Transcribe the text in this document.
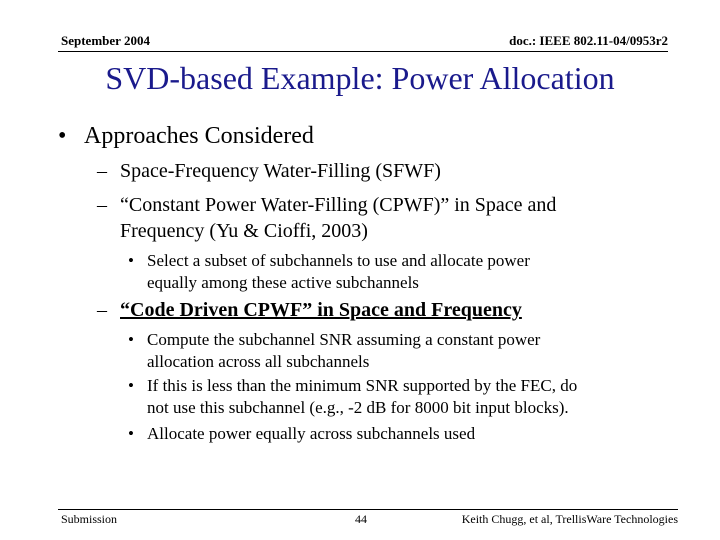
September 2004	doc.: IEEE 802.11-04/0953r2
SVD-based Example: Power Allocation
• Approaches Considered
– Space-Frequency Water-Filling (SFWF)
– “Constant Power Water-Filling (CPWF)” in Space and
Frequency (Yu & Cioffi, 2003)
• Select a subset of subchannels to use and allocate power
equally among these active subchannels
– “Code Driven CPWF” in Space and Frequency
• Compute the subchannel SNR assuming a constant power
allocation across all subchannels
• If this is less than the minimum SNR supported by the FEC, do
not use this subchannel (e.g., -2 dB for 8000 bit input blocks).
• Allocate power equally across subchannels used
Submission	44	Keith Chugg, et al, TrellisWare Technologies
